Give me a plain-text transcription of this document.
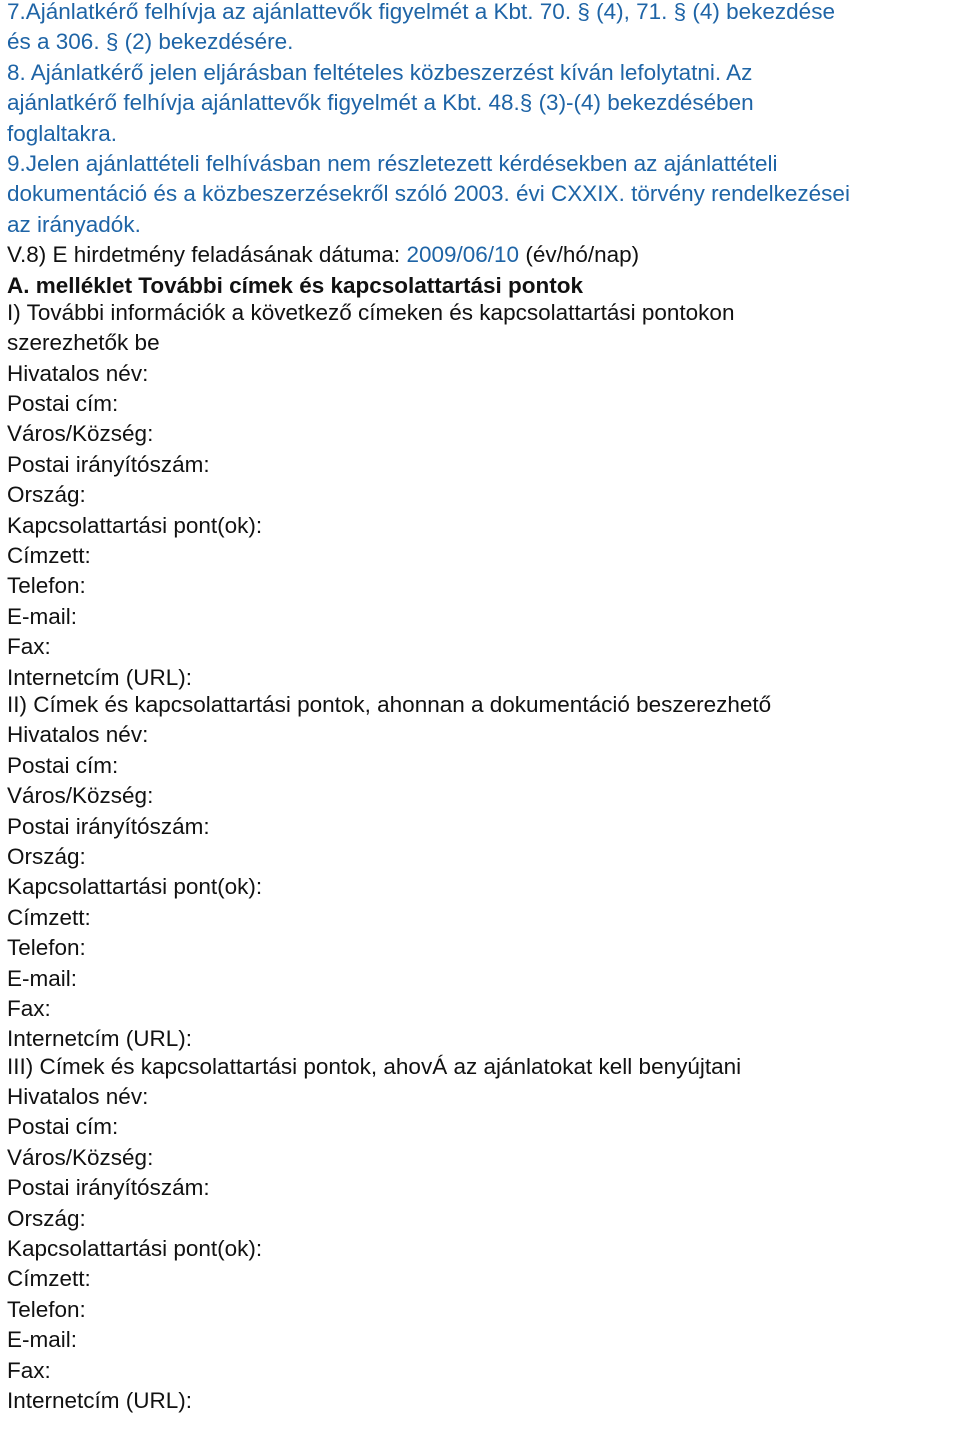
7.Ajánlatkérő felhívja az ajánlattevők figyelmét a Kbt. 70. § (4), 71. § (4) bekezdése
és a 306. § (2) bekezdésére.
8. Ajánlatkérő jelen eljárásban feltételes közbeszerzést kíván lefolytatni. Az
ajánlatkérő felhívja ajánlattevők figyelmét a Kbt. 48.§ (3)-(4) bekezdésében
foglaltakra.
9.Jelen ajánlattételi felhívásban nem részletezett kérdésekben az ajánlattételi
dokumentáció és a közbeszerzésekről szóló 2003. évi CXXIX. törvény rendelkezései
az irányadók.
V.8) E hirdetmény feladásának dátuma: 2009/06/10 (év/hó/nap)
A. melléklet További címek és kapcsolattartási pontok
I) További információk a következő címeken és kapcsolattartási pontokon
szerezhetők be
Hivatalos név:
Postai cím:
Város/Község:
Postai irányítószám:
Ország:
Kapcsolattartási pont(ok):
Címzett:
Telefon:
E-mail:
Fax:
Internetcím (URL):
II) Címek és kapcsolattartási pontok, ahonnan a dokumentáció beszerezhető
Hivatalos név:
Postai cím:
Város/Község:
Postai irányítószám:
Ország:
Kapcsolattartási pont(ok):
Címzett:
Telefon:
E-mail:
Fax:
Internetcím (URL):
III) Címek és kapcsolattartási pontok, ahovÁ az ajánlatokat kell benyújtani
Hivatalos név:
Postai cím:
Város/Község:
Postai irányítószám:
Ország:
Kapcsolattartási pont(ok):
Címzett:
Telefon:
E-mail:
Fax:
Internetcím (URL):
